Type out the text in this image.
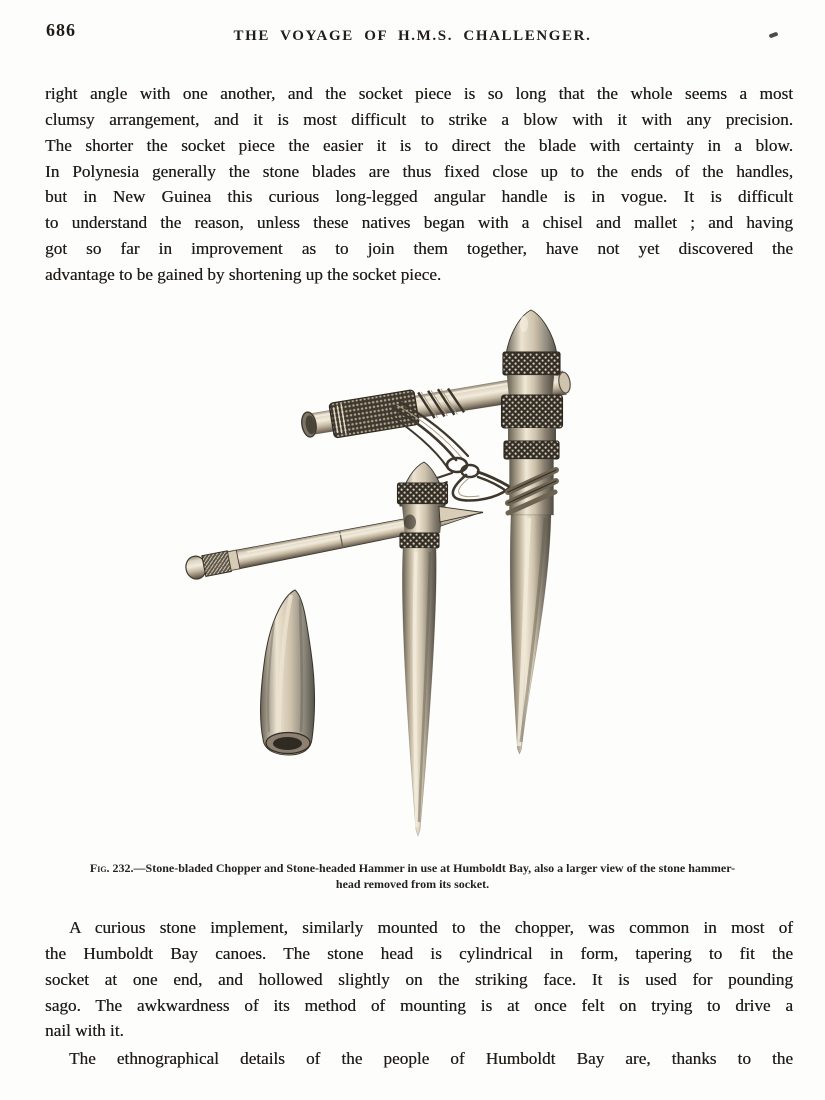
686	THE VOYAGE OF H.M.S. CHALLENGER.
right angle with one another, and the socket piece is so long that the whole seems a most
clumsy arrangement, and it is most difficult to strike a blow with it with any precision.
The shorter the socket piece the easier it is to direct the blade with certainty in a blow.
In Polynesia generally the stone blades are thus fixed close up to the ends of the handles,
but in New Guinea this curious long-legged angular handle is in vogue. It is difficult
to understand the reason, unless these natives began with a chisel and mallet ; and having
got so far in improvement as to join them together, have not yet discovered the
advantage to be gained by shortening up the socket piece.
Fig. 232.—Stone-bladed Chopper and Stone-headed Hammer in use at Humboldt Bay, also a larger view of the stone hammer-
head removed from its socket.
A curious stone implement, similarly mounted to the chopper, was common in most of
the Humboldt Bay canoes. The stone head is cylindrical in form, tapering to fit the
socket at one end, and hollowed slightly on the striking face. It is used for pounding
sago. The awkwardness of its method of mounting is at once felt on trying to drive a
nail with it.
The ethnographical details of the people of Humboldt Bay are, thanks to the
